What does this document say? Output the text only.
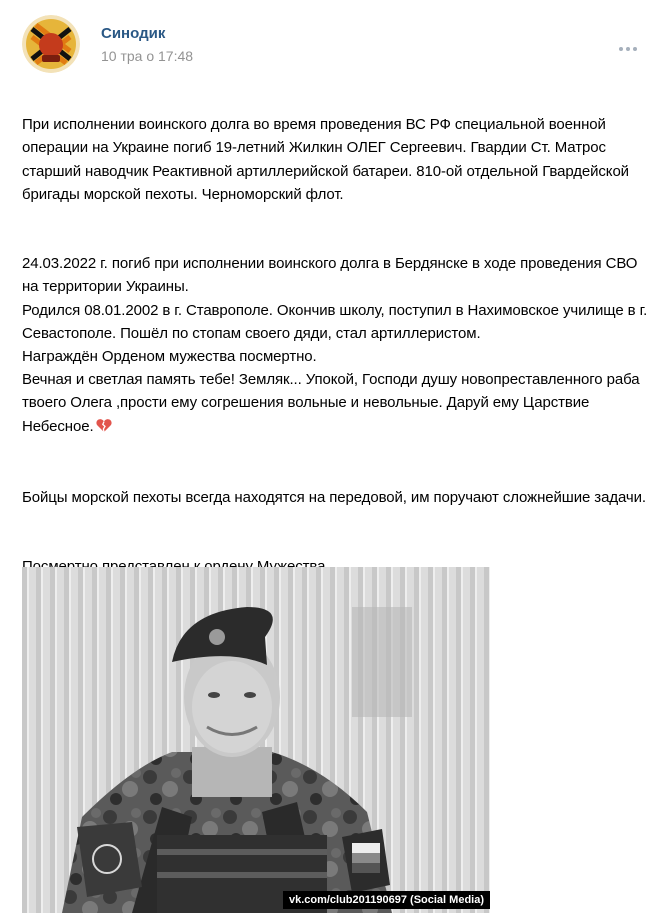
Синодик
10 тра о 17:48

При исполнении воинского долга во время проведения ВС РФ специальной военной операции на Украине погиб 19-летний Жилкин ОЛЕГ Сергеевич. Гвардии Ст. Матрос старший наводчик Реактивной артиллерийской батареи. 810-ой отдельной Гвардейской бригады морской пехоты. Черноморский флот.

24.03.2022 г. погиб при исполнении воинского долга в Бердянске в ходе проведения СВО на территории Украины.
Родился 08.01.2002 в г. Ставрополе. Окончив школу, поступил в Нахимовское училище в г. Севастополе. Пошёл по стопам своего дяди, стал артиллеристом.
Награждён Орденом мужества посмертно.
Вечная и светлая память тебе! Земляк... Упокой, Господи душу новопреставленного раба твоего Олега ,прости ему согрешения вольные и невольные. Даруй ему Царствие Небесное.

Бойцы морской пехоты всегда находятся на передовой, им поручают сложнейшие задачи.

vk.com/club201190697 (Social Media)
